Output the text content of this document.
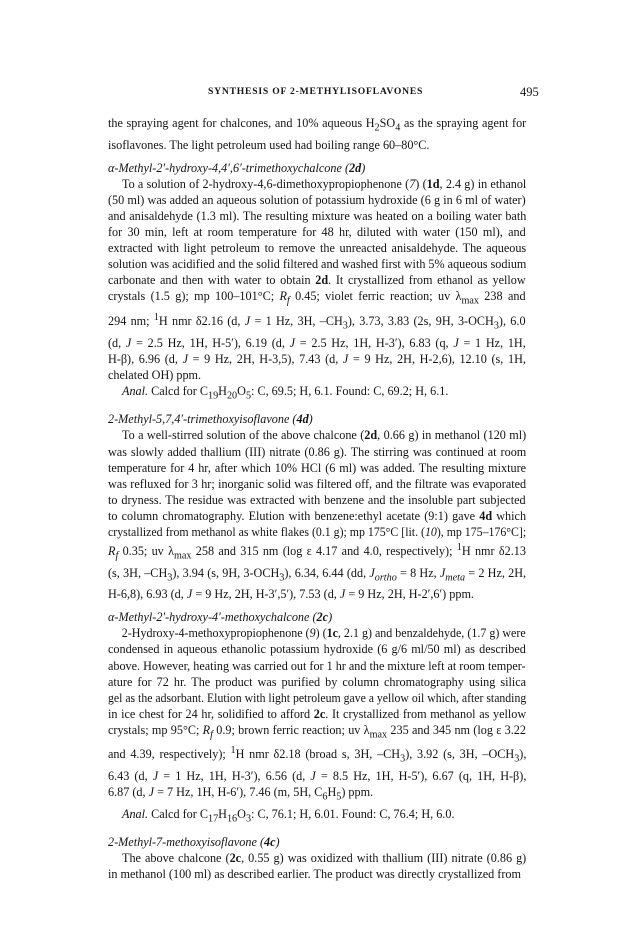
SYNTHESIS OF 2-METHYLISOFLAVONES	495
the spraying agent for chalcones, and 10% aqueous $H_2SO_4$ as the spraying agent for
isoflavones. The light petroleum used had boiling range 60–80°C.
α-Methyl-2′-hydroxy-4,4′,6′-trimethoxychalcone (2d)
To a solution of 2-hydroxy-4,6-dimethoxypropiophenone (7) (1d, 2.4 g) in ethanol
(50 ml) was added an aqueous solution of potassium hydroxide (6 g in 6 ml of water)
and anisaldehyde (1.3 ml). The resulting mixture was heated on a boiling water bath
for 30 min, left at room temperature for 48 hr, diluted with water (150 ml), and
extracted with light petroleum to remove the unreacted anisaldehyde. The aqueous
solution was acidified and the solid filtered and washed first with 5% aqueous sodium
carbonate and then with water to obtain 2d. It crystallized from ethanol as yellow
crystals (1.5 g); mp 100–101°C; $R_f$ 0.45; violet ferric reaction; uv $\lambda_{max}$ 238 and
294 nm; $^1$H nmr δ2.16 (d, J = 1 Hz, 3H, $-CH_3$), 3.73, 3.83 (2s, 9H, $3-OCH_3$), 6.0
(d, J = 2.5 Hz, 1H, H-5′), 6.19 (d, J = 2.5 Hz, 1H, H-3′), 6.83 (q, J = 1 Hz, 1H,
H-β), 6.96 (d, J = 9 Hz, 2H, H-3,5), 7.43 (d, J = 9 Hz, 2H, H-2,6), 12.10 (s, 1H,
chelated OH) ppm.
Anal. Calcd for $C_{19}H_{20}O_5$: C, 69.5; H, 6.1. Found: C, 69.2; H, 6.1.
2-Methyl-5,7,4′-trimethoxyisoflavone (4d)
To a well-stirred solution of the above chalcone (2d, 0.66 g) in methanol (120 ml)
was slowly added thallium (III) nitrate (0.86 g). The stirring was continued at room
temperature for 4 hr, after which 10% HCl (6 ml) was added. The resulting mixture
was refluxed for 3 hr; inorganic solid was filtered off, and the filtrate was evaporated
to dryness. The residue was extracted with benzene and the insoluble part subjected
to column chromatography. Elution with benzene:ethyl acetate (9:1) gave 4d which
crystallized from methanol as white flakes (0.1 g); mp 175°C [lit. (10), mp 175–176°C];
$R_f$ 0.35; uv $\lambda_{max}$ 258 and 315 nm (log ε 4.17 and 4.0, respectively); $^1$H nmr δ2.13
(s, 3H, $-CH_3$), 3.94 (s, 9H, $3-OCH_3$), 6.34, 6.44 (dd, $J_{ortho} = 8$ Hz, $J_{meta} = 2$ Hz, 2H,
H-6,8), 6.93 (d, J = 9 Hz, 2H, H-3′,5′), 7.53 (d, J = 9 Hz, 2H, H-2′,6′) ppm.
α-Methyl-2′-hydroxy-4′-methoxychalcone (2c)
2-Hydroxy-4-methoxypropiophenone (9) (1c, 2.1 g) and benzaldehyde, (1.7 g) were
condensed in aqueous ethanolic potassium hydroxide (6 g/6 ml/50 ml) as described
above. However, heating was carried out for 1 hr and the mixture left at room temper-
ature for 72 hr. The product was purified by column chromatography using silica
gel as the adsorbant. Elution with light petroleum gave a yellow oil which, after standing
in ice chest for 24 hr, solidified to afford 2c. It crystallized from methanol as yellow
crystals; mp 95°C; $R_f$ 0.9; brown ferric reaction; uv $\lambda_{max}$ 235 and 345 nm (log ε 3.22
and 4.39, respectively); $^1$H nmr δ2.18 (broad s, 3H, $-CH_3$), 3.92 (s, 3H, $-OCH_3$),
6.43 (d, J = 1 Hz, 1H, H-3′), 6.56 (d, J = 8.5 Hz, 1H, H-5′), 6.67 (q, 1H, H-β),
6.87 (d, J = 7 Hz, 1H, H-6′), 7.46 (m, 5H, $C_6H_5$) ppm.
Anal. Calcd for $C_{17}H_{16}O_3$: C, 76.1; H, 6.01. Found: C, 76.4; H, 6.0.
2-Methyl-7-methoxyisoflavone (4c)
The above chalcone (2c, 0.55 g) was oxidized with thallium (III) nitrate (0.86 g)
in methanol (100 ml) as described earlier. The product was directly crystallized from
